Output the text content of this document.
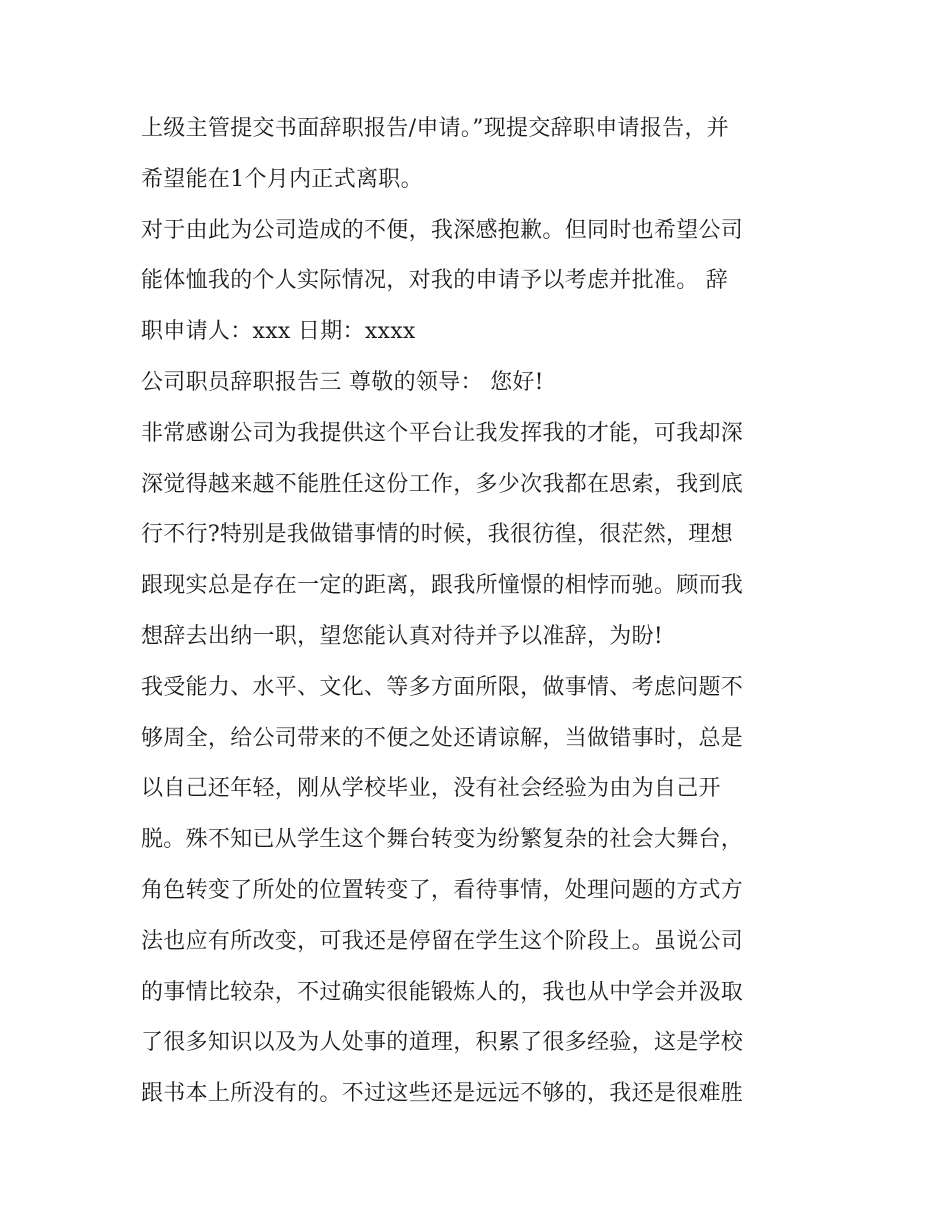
上级主管提交书面辞职报告/申请。”现提交辞职申请报告，并
希望能在1个月内正式离职。
对于由此为公司造成的不便，我深感抱歉。但同时也希望公司
能体恤我的个人实际情况，对我的申请予以考虑并批准。 辞
职申请人：xxx 日期：xxxx
公司职员辞职报告三 尊敬的领导： 您好!
非常感谢公司为我提供这个平台让我发挥我的才能，可我却深
深觉得越来越不能胜任这份工作，多少次我都在思索，我到底
行不行?特别是我做错事情的时候，我很彷徨，很茫然，理想
跟现实总是存在一定的距离，跟我所憧憬的相悖而驰。顾而我
想辞去出纳一职，望您能认真对待并予以准辞，为盼!
我受能力、水平、文化、等多方面所限，做事情、考虑问题不
够周全，给公司带来的不便之处还请谅解，当做错事时，总是
以自己还年轻，刚从学校毕业，没有社会经验为由为自己开
脱。殊不知已从学生这个舞台转变为纷繁复杂的社会大舞台，
角色转变了所处的位置转变了，看待事情，处理问题的方式方
法也应有所改变，可我还是停留在学生这个阶段上。虽说公司
的事情比较杂，不过确实很能锻炼人的，我也从中学会并汲取
了很多知识以及为人处事的道理，积累了很多经验，这是学校
跟书本上所没有的。不过这些还是远远不够的，我还是很难胜
